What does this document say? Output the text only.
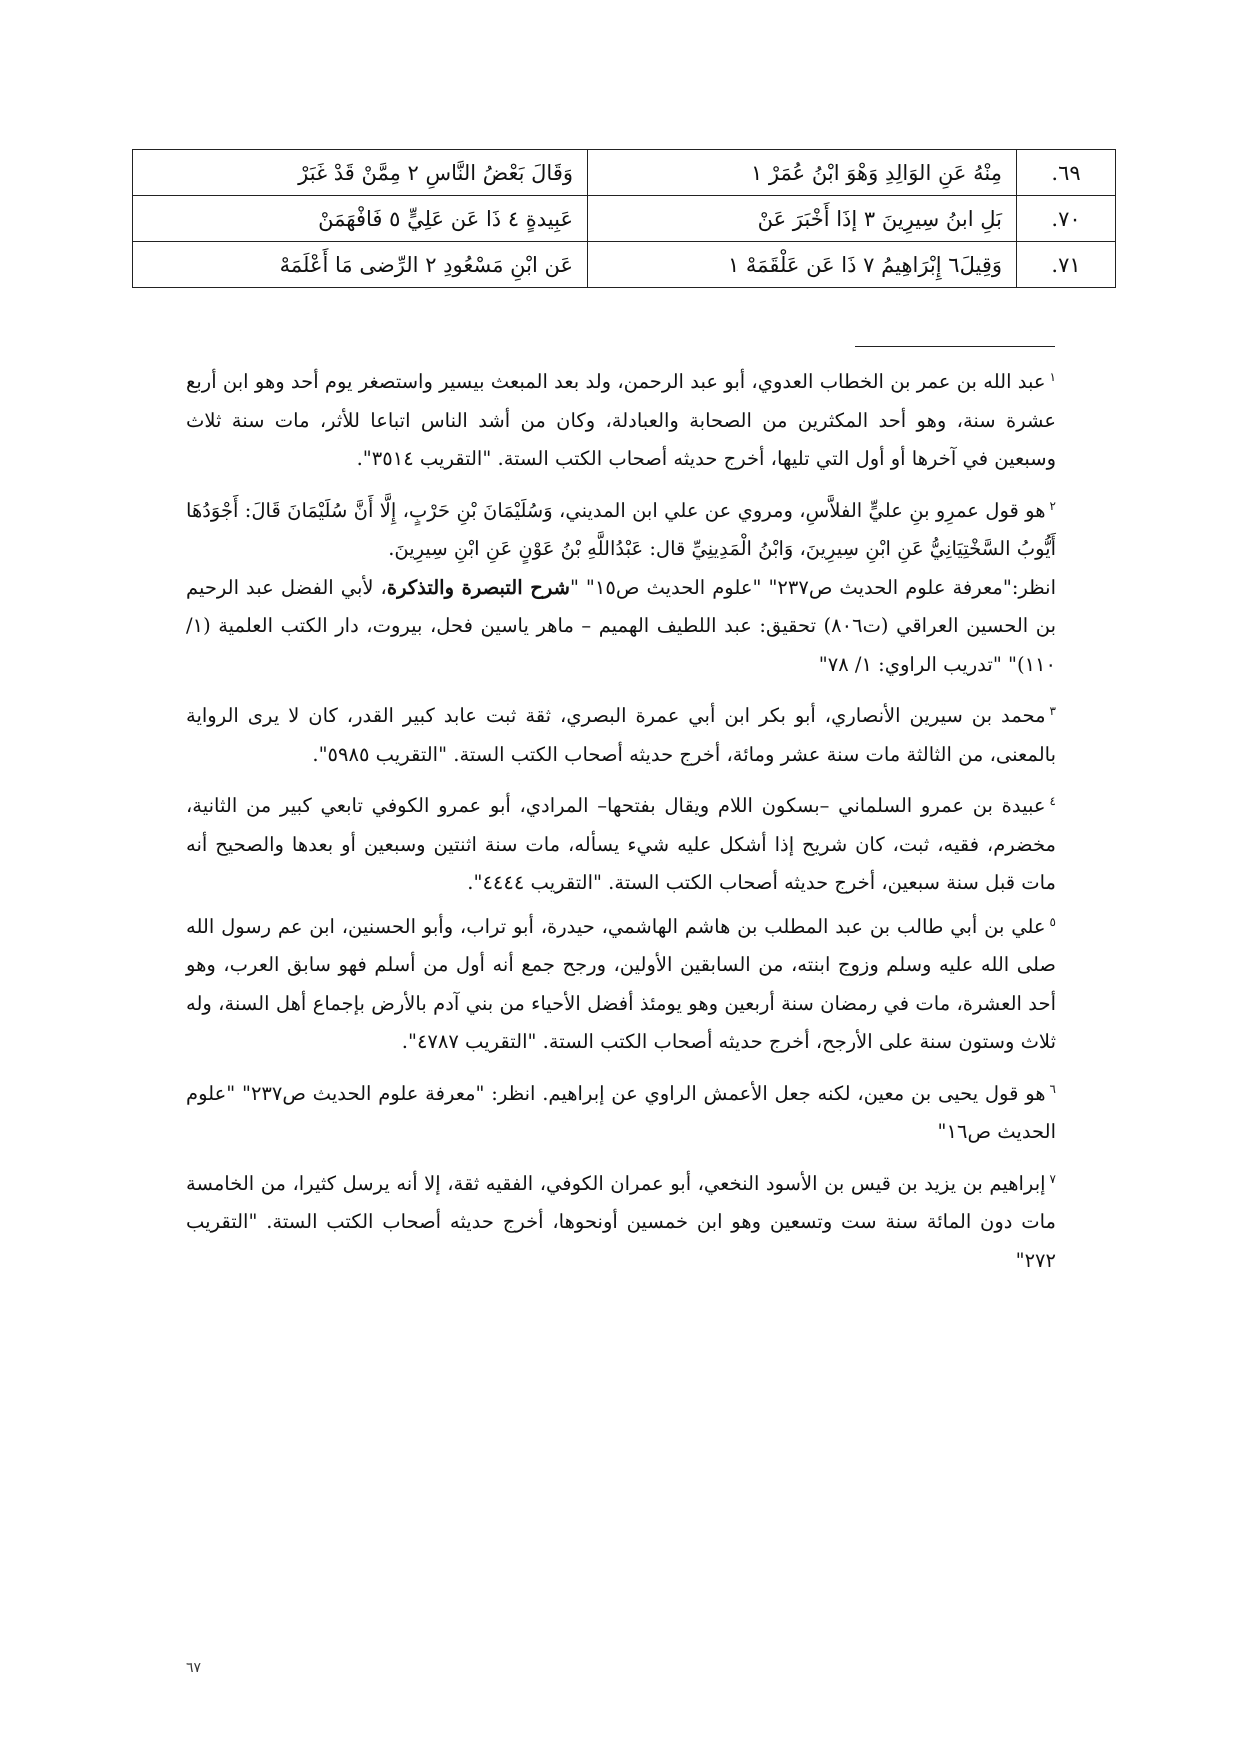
٦٩.	مِنْهُ عَنِ الوَالِدِ وَهْوَ ابْنُ عُمَرْ ١	وَقَالَ بَعْضُ النَّاسِ ٢ مِمَّنْ قَدْ غَبَرْ
٧٠.	بَلِ ابنُ سِيرِينَ ٣ إذَا أَخْبَرَ عَنْ	عَبِيدةٍ ٤ ذَا عَن عَلِيٍّ ٥ فَافْهَمَنْ
٧١.	وَقِيلَ٦ إِبْرَاهِيمُ ٧ ذَا عَن عَلْقَمَهْ ١	عَن ابْنِ مَسْعُودِ ٢ الرِّضى مَا أَعْلَمَهْ

$^١$عبد الله بن عمر بن الخطاب العدوي، أبو عبد الرحمن، ولد بعد المبعث بيسير واستصغر يوم أحد وهو ابن أربع عشرة سنة، وهو أحد المكثرين من الصحابة والعبادلة، وكان من أشد الناس اتباعا للأثر، مات سنة ثلاث وسبعين في آخرها أو أول التي تليها، أخرج حديثه أصحاب الكتب الستة. "التقريب ٣٥١٤".

$^٢$هو قول عمرِو بنِ عليٍّ الفلاَّسِ، ومروي عن علي ابن المديني، وَسُلَيْمَانَ بْنِ حَرْبٍ، إِلَّا أَنَّ سُلَيْمَانَ قَالَ: أَجْوَدُهَا أَيُّوبُ السَّخْتِيَانِيُّ عَنِ ابْنِ سِيرِينَ، وَابْنُ الْمَدِينِيِّ قال: عَبْدُاللَّهِ بْنُ عَوْنٍ عَنِ ابْنِ سِيرِينَ.

انظر:"معرفة علوم الحديث ص٢٣٧" "علوم الحديث ص١٥" "شرح التبصرة والتذكرة، لأبي الفضل عبد الرحيم بن الحسين العراقي (ت٨٠٦) تحقيق: عبد اللطيف الهميم – ماهر ياسين فحل، بيروت، دار الكتب العلمية (١/ ١١٠)" "تدريب الراوي: ١/ ٧٨"

$^٣$محمد بن سيرين الأنصاري، أبو بكر ابن أبي عمرة البصري، ثقة ثبت عابد كبير القدر، كان لا يرى الرواية بالمعنى، من الثالثة مات سنة عشر ومائة، أخرج حديثه أصحاب الكتب الستة. "التقريب ٥٩٨٥".

$^٤$عبيدة بن عمرو السلماني –بسكون اللام ويقال بفتحها– المرادي، أبو عمرو الكوفي تابعي كبير من الثانية، مخضرم، فقيه، ثبت، كان شريح إذا أشكل عليه شيء يسأله، مات سنة اثنتين وسبعين أو بعدها والصحيح أنه مات قبل سنة سبعين، أخرج حديثه أصحاب الكتب الستة. "التقريب ٤٤٤٤".

$^٥$علي بن أبي طالب بن عبد المطلب بن هاشم الهاشمي، حيدرة، أبو تراب، وأبو الحسنين، ابن عم رسول الله صلى الله عليه وسلم وزوج ابنته، من السابقين الأولين، ورجح جمع أنه أول من أسلم فهو سابق العرب، وهو أحد العشرة، مات في رمضان سنة أربعين وهو يومئذ أفضل الأحياء من بني آدم بالأرض بإجماع أهل السنة، وله ثلاث وستون سنة على الأرجح، أخرج حديثه أصحاب الكتب الستة. "التقريب ٤٧٨٧".

$^٦$هو قول يحيى بن معين، لكنه جعل الأعمش الراوي عن إبراهيم. انظر: "معرفة علوم الحديث ص٢٣٧" "علوم الحديث ص١٦"

$^٧$إبراهيم بن يزيد بن قيس بن الأسود النخعي، أبو عمران الكوفي، الفقيه ثقة، إلا أنه يرسل كثيرا، من الخامسة مات دون المائة سنة ست وتسعين وهو ابن خمسين أونحوها، أخرج حديثه أصحاب الكتب الستة. "التقريب ٢٧٢"

٦٧
